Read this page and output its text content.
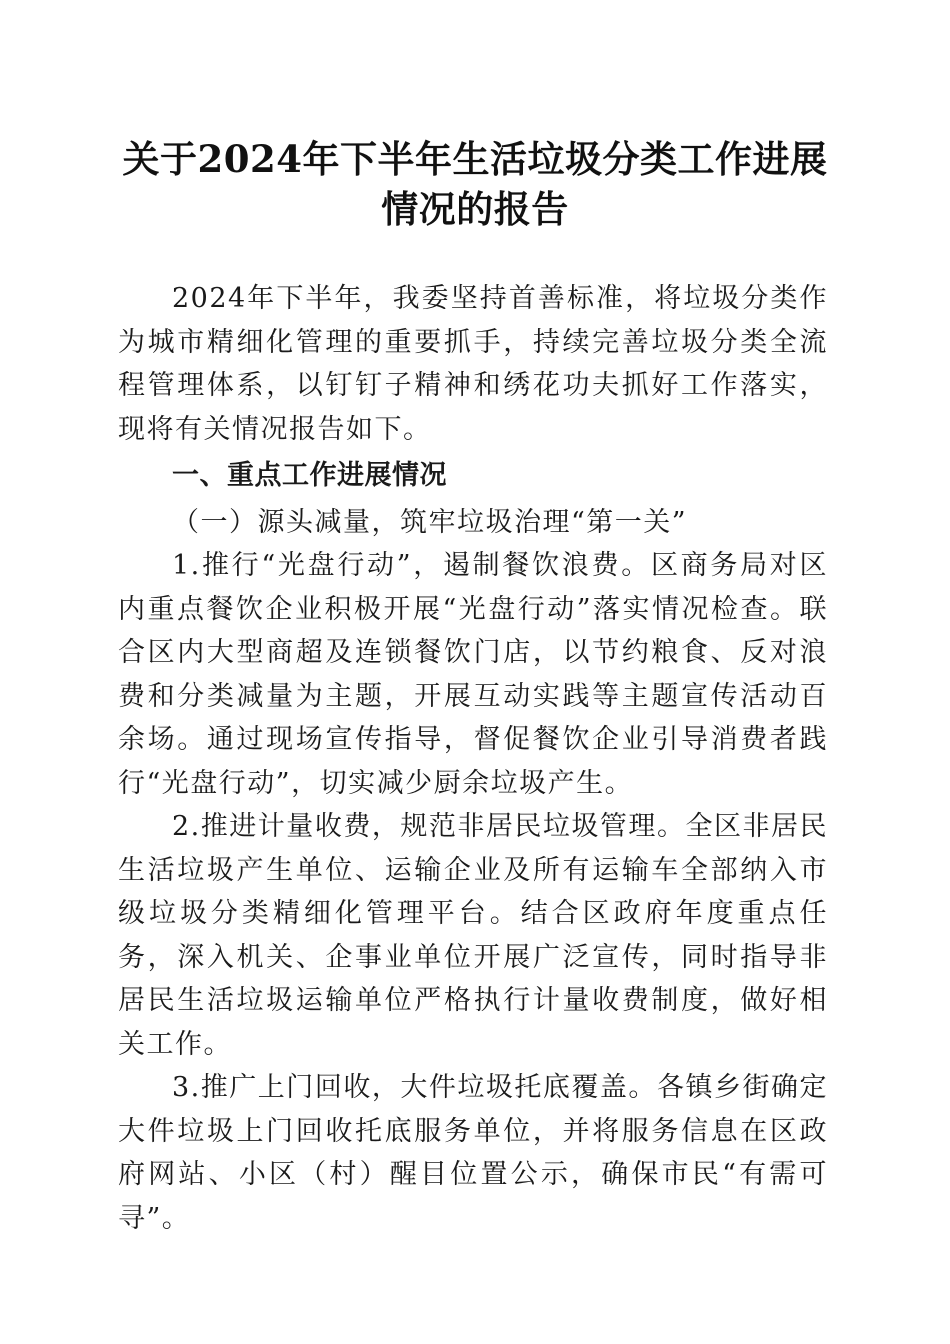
关于2024年下半年生活垃圾分类工作进展情况的报告

2024年下半年，我委坚持首善标准，将垃圾分类作为城市精细化管理的重要抓手，持续完善垃圾分类全流程管理体系，以钉钉子精神和绣花功夫抓好工作落实，现将有关情况报告如下。

一、重点工作进展情况

（一）源头减量，筑牢垃圾治理“第一关”

1.推行“光盘行动”，遏制餐饮浪费。区商务局对区内重点餐饮企业积极开展“光盘行动”落实情况检查。联合区内大型商超及连锁餐饮门店，以节约粮食、反对浪费和分类减量为主题，开展互动实践等主题宣传活动百余场。通过现场宣传指导，督促餐饮企业引导消费者践行“光盘行动”，切实减少厨余垃圾产生。

2.推进计量收费，规范非居民垃圾管理。全区非居民生活垃圾产生单位、运输企业及所有运输车全部纳入市级垃圾分类精细化管理平台。结合区政府年度重点任务，深入机关、企事业单位开展广泛宣传，同时指导非居民生活垃圾运输单位严格执行计量收费制度，做好相关工作。

3.推广上门回收，大件垃圾托底覆盖。各镇乡街确定大件垃圾上门回收托底服务单位，并将服务信息在区政府网站、小区（村）醒目位置公示，确保市民“有需可寻”。
